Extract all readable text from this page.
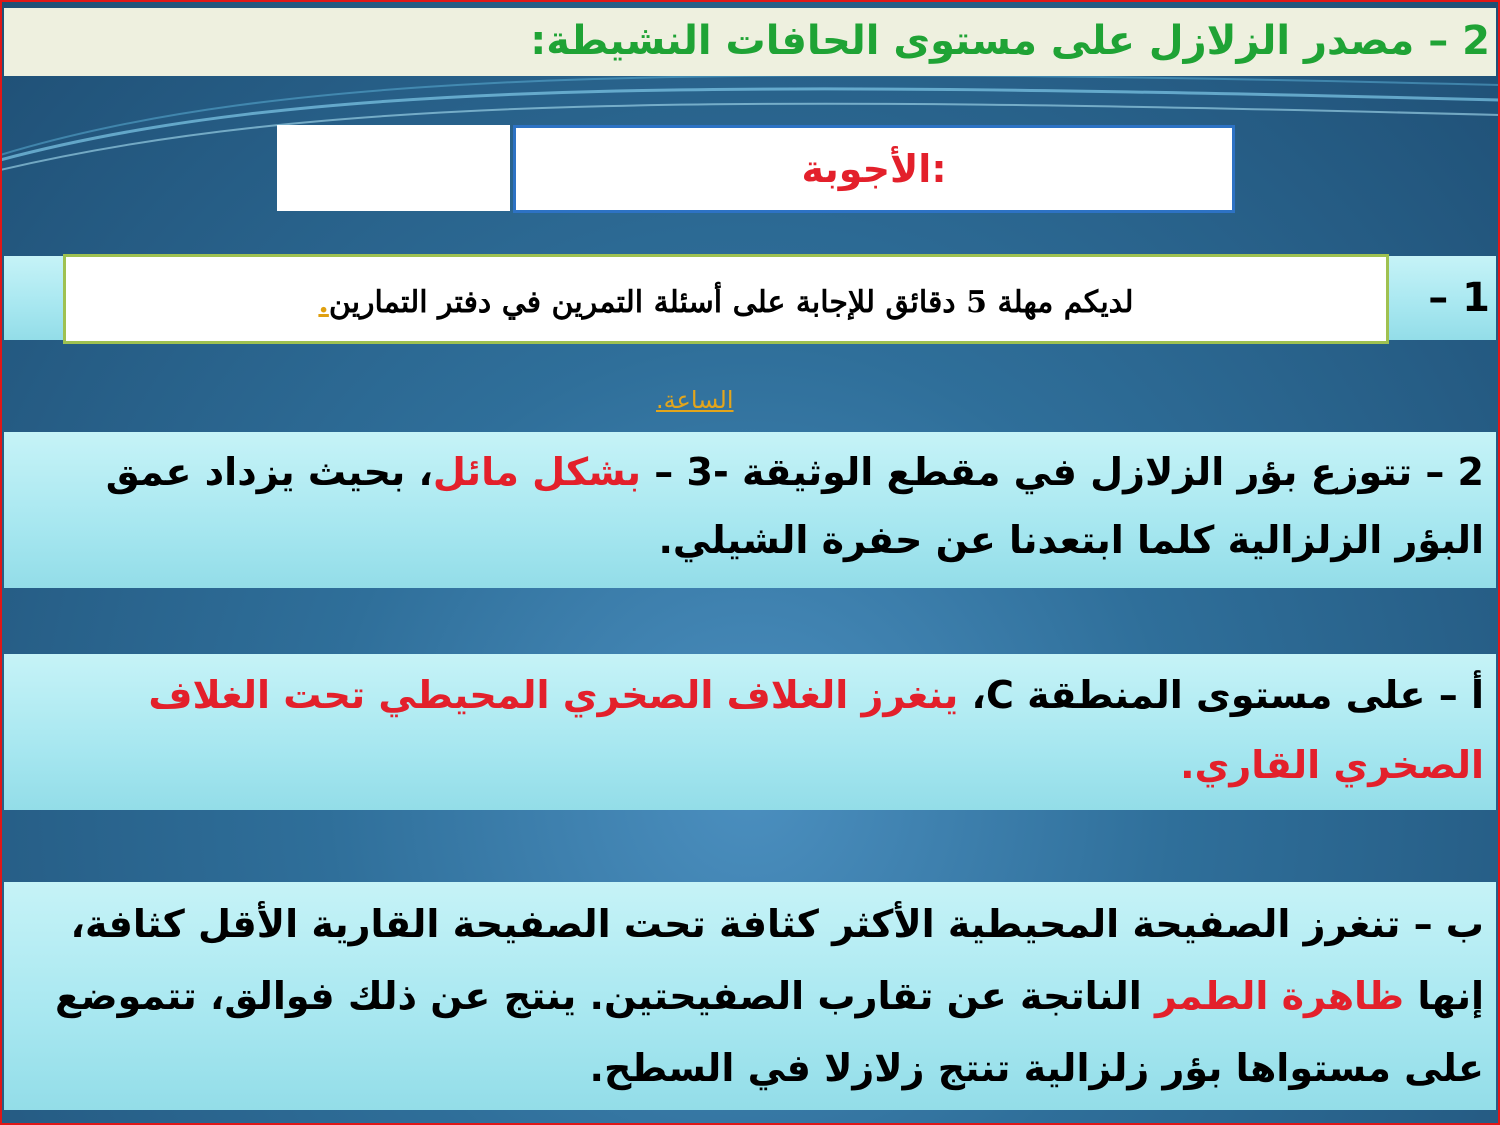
2 – مصدر الزلازل على مستوى الحافات النشيطة:
الأجوبة:
1 –
لديكم مهلة 5 دقائق للإجابة على أسئلة التمرين في دفتر التمارين.
الساعة.
2 – تتوزع بؤر الزلازل في مقطع الوثيقة -3 – بشكل مائل، بحيث يزداد عمق البؤر الزلزالية كلما ابتعدنا عن حفرة الشيلي.
أ – على مستوى المنطقة C، ينغرز الغلاف الصخري المحيطي تحت الغلاف الصخري القاري.
ب – تنغرز الصفيحة المحيطية الأكثر كثافة تحت الصفيحة القارية الأقل كثافة، إنها ظاهرة الطمر الناتجة عن تقارب الصفيحتين. ينتج عن ذلك فوالق، تتموضع على مستواها بؤر زلزالية تنتج زلازلا في السطح.
